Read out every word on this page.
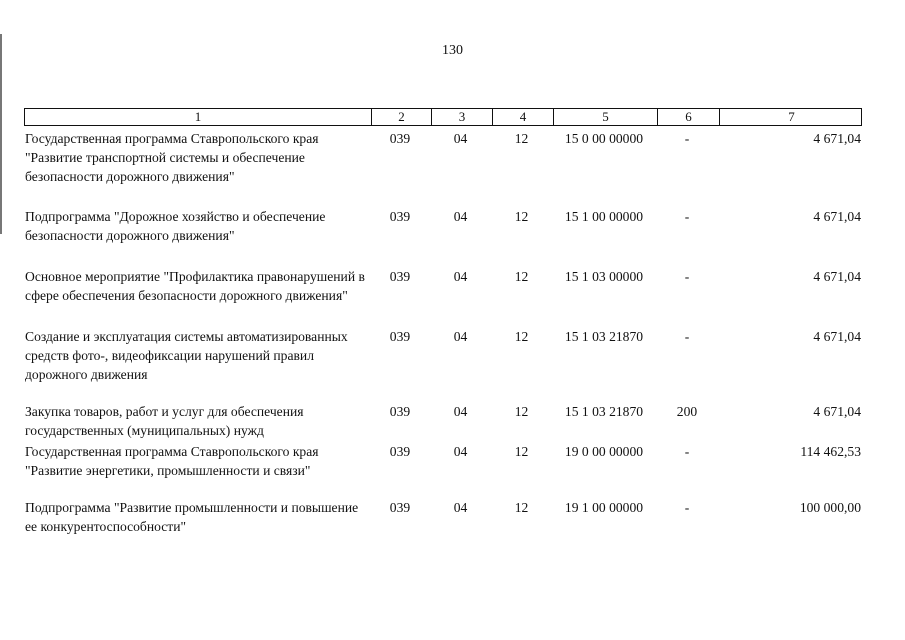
130
1	2	3	4	5	6	7
Государственная программа Ставропольского края "Развитие транспортной системы и обеспечение безопасности дорожного движения"
039	04	12	15 0 00 00000	-	4 671,04
Подпрограмма "Дорожное хозяйство и обеспечение безопасности дорожного движения"
039	04	12	15 1 00 00000	-	4 671,04
Основное мероприятие "Профилактика правонарушений в сфере обеспечения безопасности дорожного движения"
039	04	12	15 1 03 00000	-	4 671,04
Создание и эксплуатация системы автоматизированных средств фото-, видеофиксации нарушений правил дорожного движения
039	04	12	15 1 03 21870	-	4 671,04
Закупка товаров, работ и услуг для обеспечения государственных (муниципальных) нужд
039	04	12	15 1 03 21870	200	4 671,04
Государственная программа Ставропольского края "Развитие энергетики, промышленности и связи"
039	04	12	19 0 00 00000	-	114 462,53
Подпрограмма "Развитие промышленности и повышение ее конкурентоспособности"
039	04	12	19 1 00 00000	-	100 000,00
